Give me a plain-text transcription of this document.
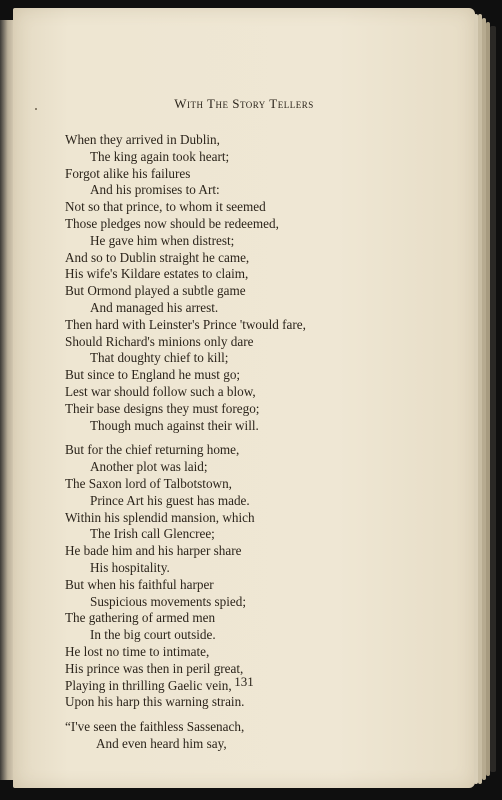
With The Story Tellers
When they arrived in Dublin,
The king again took heart;
Forgot alike his failures
And his promises to Art:
Not so that prince, to whom it seemed
Those pledges now should be redeemed,
He gave him when distrest;
And so to Dublin straight he came,
His wife's Kildare estates to claim,
But Ormond played a subtle game
And managed his arrest.
Then hard with Leinster's Prince 'twould fare,
Should Richard's minions only dare
That doughty chief to kill;
But since to England he must go;
Lest war should follow such a blow,
Their base designs they must forego;
Though much against their will.
But for the chief returning home,
Another plot was laid;
The Saxon lord of Talbotstown,
Prince Art his guest has made.
Within his splendid mansion, which
The Irish call Glencree;
He bade him and his harper share
His hospitality.
But when his faithful harper
Suspicious movements spied;
The gathering of armed men
In the big court outside.
He lost no time to intimate,
His prince was then in peril great,
Playing in thrilling Gaelic vein,
Upon his harp this warning strain.
“I've seen the faithless Sassenach,
And even heard him say,
131
